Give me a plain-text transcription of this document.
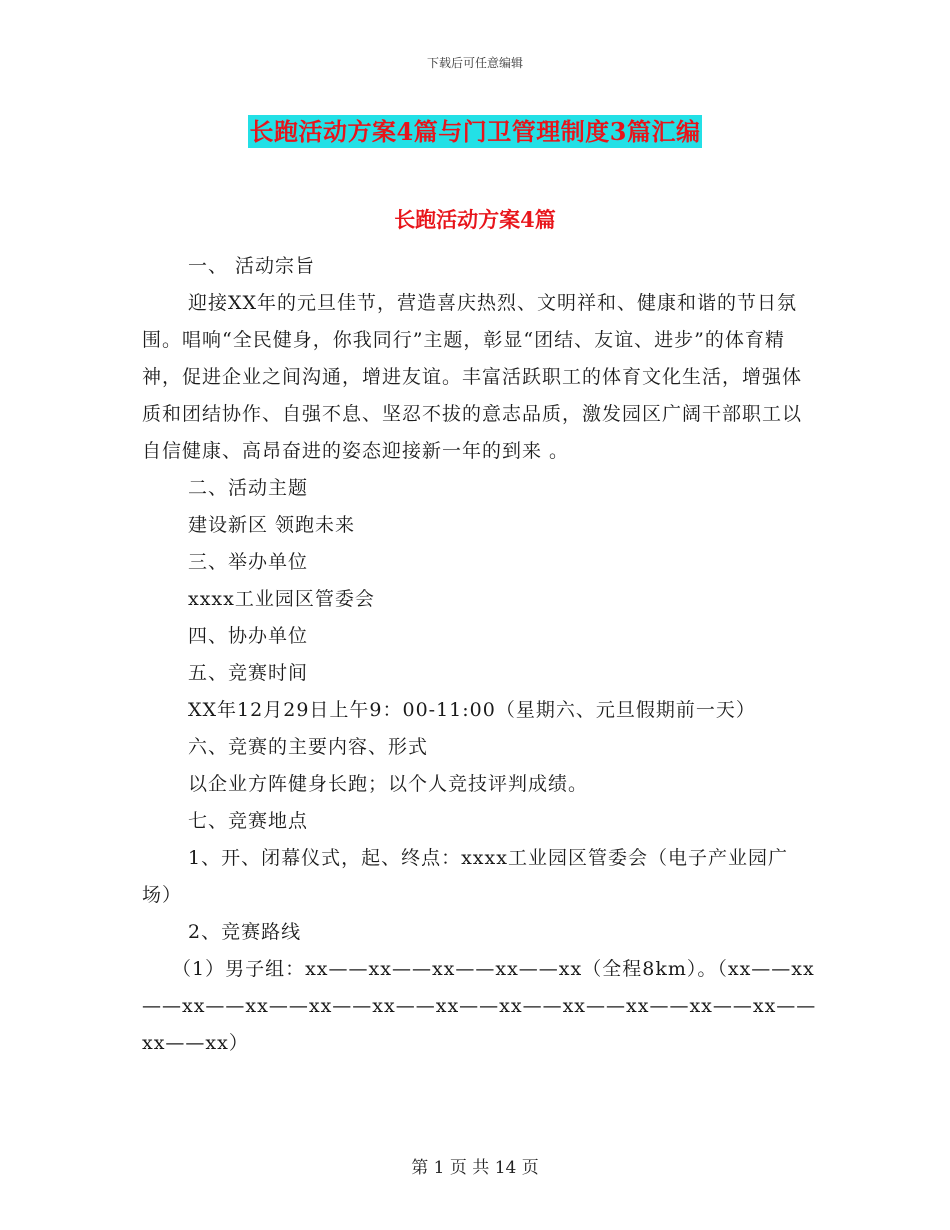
下载后可任意编辑
长跑活动方案4篇与门卫管理制度3篇汇编
长跑活动方案4篇

一、 活动宗旨

迎接XX年的元旦佳节，营造喜庆热烈、文明祥和、健康和谐的节日氛围。唱响“全民健身，你我同行”主题，彰显“团结、友谊、进步”的体育精神，促进企业之间沟通，增进友谊。丰富活跃职工的体育文化生活，增强体质和团结协作、自强不息、坚忍不拔的意志品质，激发园区广阔干部职工以自信健康、高昂奋进的姿态迎接新一年的到来 。

二、活动主题

建设新区 领跑未来

三、举办单位

xxxx工业园区管委会

四、协办单位

五、竞赛时间

XX年12月29日上午9：00-11:00（星期六、元旦假期前一天）

六、竞赛的主要内容、形式

以企业方阵健身长跑；以个人竞技评判成绩。

七、竞赛地点

1、开、闭幕仪式，起、终点：xxxx工业园区管委会（电子产业园广场）

2、竞赛路线

（1）男子组：xx——xx——xx——xx——xx（全程8km）。（xx——xx——xx——xx——xx——xx——xx——xx——xx——xx——xx——xx——xx——xx）

第 1 页 共 14 页
